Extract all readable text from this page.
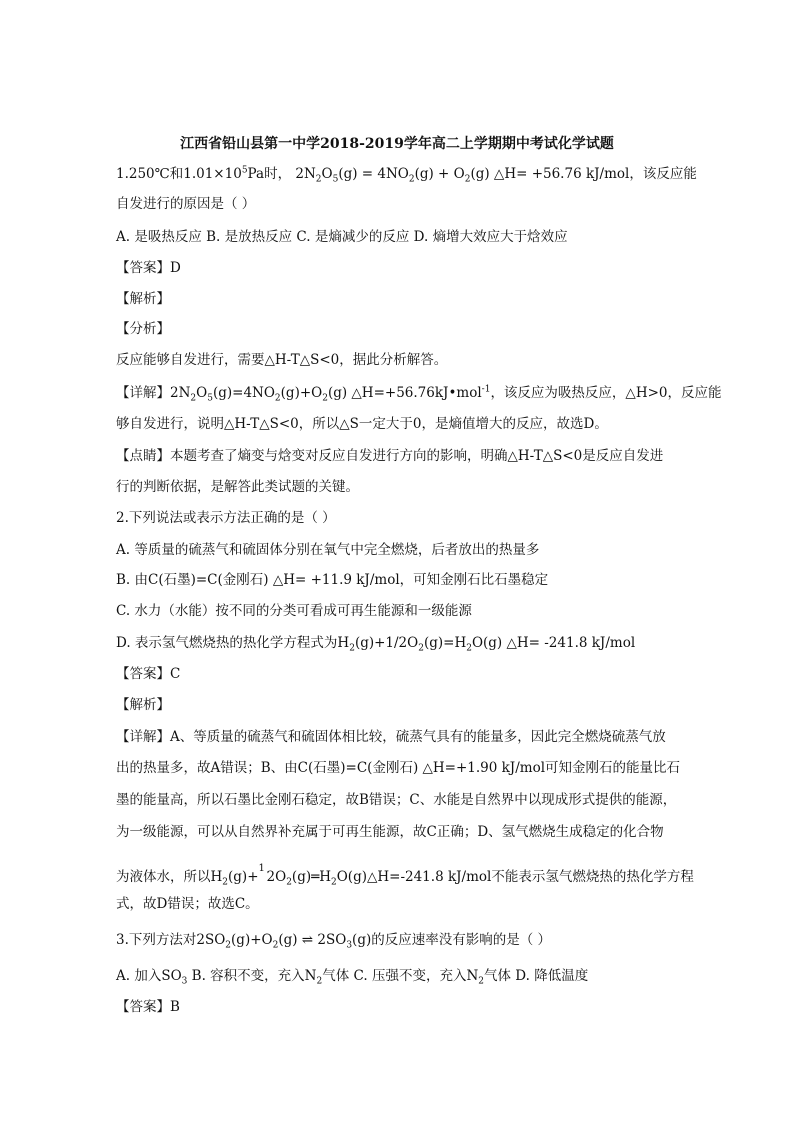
江西省铅山县第一中学2018-2019学年高二上学期期中考试化学试题
1.250℃和$1.01\times 10^5Pa$时， $2N_2O_5(g) = 4NO_2(g) + O_2(g)$ △H= +56.76 kJ/mol，该反应能
自发进行的原因是（ ）
A. 是吸热反应 B. 是放热反应 C. 是熵减少的反应 D. 熵增大效应大于焓效应
【答案】D
【解析】
【分析】
反应能够自发进行，需要△H-T△S<0，据此分析解答。
【详解】$2N_2O_5(g)=4NO_2(g)+O_2(g)$ △H=+56.76kJ•mol$^{-1}$，该反应为吸热反应，△H>0，反应能
够自发进行，说明△H-T△S<0，所以△S一定大于0，是熵值增大的反应，故选D。
【点睛】本题考查了熵变与焓变对反应自发进行方向的影响，明确△H-T△S<0是反应自发进
行的判断依据，是解答此类试题的关键。
2.下列说法或表示方法正确的是（ ）
A. 等质量的硫蒸气和硫固体分别在氧气中完全燃烧，后者放出的热量多
B. 由C(石墨)=C(金刚石) △H= +11.9 kJ/mol，可知金刚石比石墨稳定
C. 水力（水能）按不同的分类可看成可再生能源和一级能源
D. 表示氢气燃烧热的热化学方程式为$H_2(g)+1/2O_2(g)=H_2O(g)$ △H= -241.8 kJ/mol
【答案】C
【解析】
【详解】A、等质量的硫蒸气和硫固体相比较，硫蒸气具有的能量多，因此完全燃烧硫蒸气放
出的热量多，故A错误；B、由C(石墨)=C(金刚石) △H=+1.90 kJ/mol可知金刚石的能量比石
墨的能量高，所以石墨比金刚石稳定，故B错误；C、水能是自然界中以现成形式提供的能源，
为一级能源，可以从自然界补充属于可再生能源，故C正确；D、氢气燃烧生成稳定的化合物
为液体水，所以$H_2(g)+$
1
$2O_2(g)═H_2O(g)\triangle H=-241.8$ kJ/mol不能表示氢气燃烧热的热化学方程
式，故D错误；故选C。
3.下列方法对$2SO_2(g)+O_2(g)$ ⇌ $2SO_3(g)$的反应速率没有影响的是（ ）
A. 加入$SO_3$ B. 容积不变，充入$N_2$气体 C. 压强不变，充入$N_2$气体 D. 降低温度
【答案】B
